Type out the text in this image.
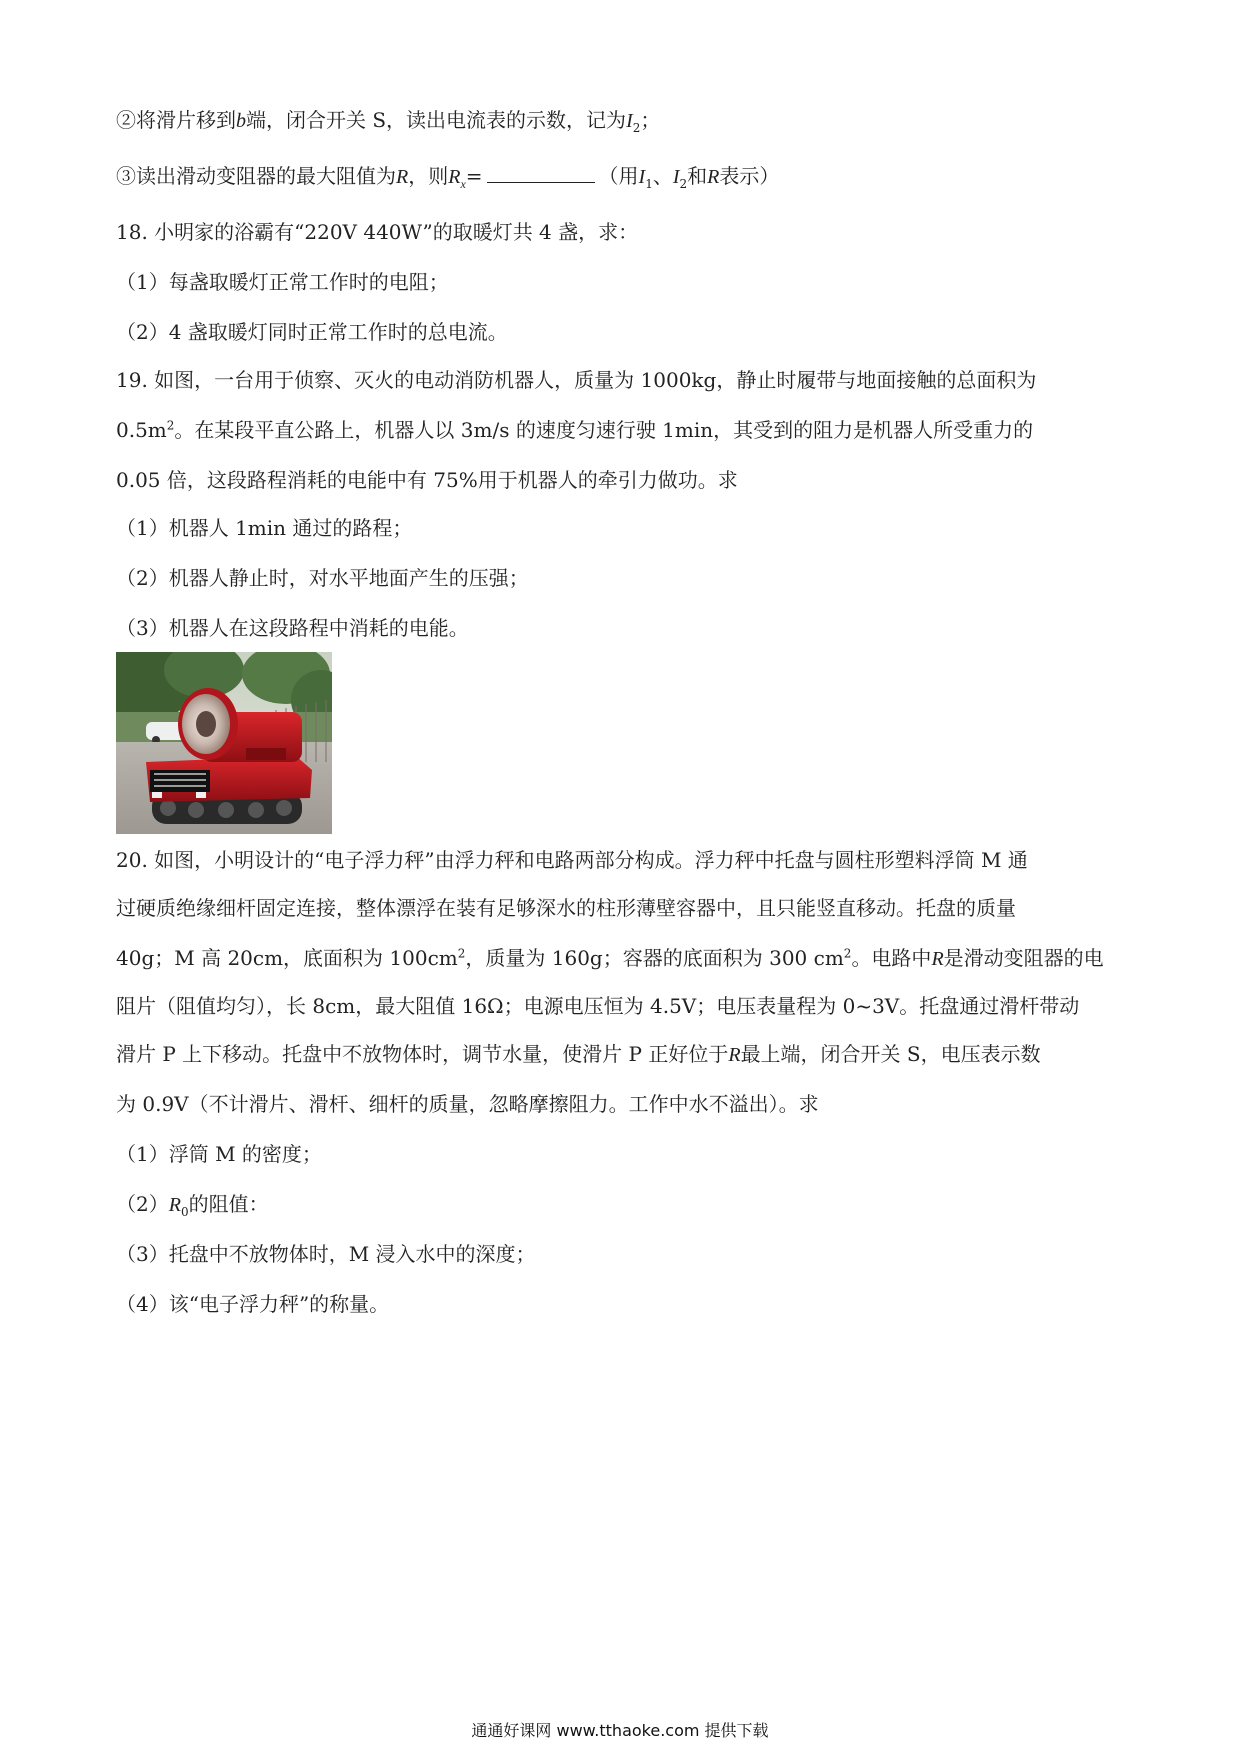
②将滑片移到b端，闭合开关 S，读出电流表的示数，记为$I_2$；
③读出滑动变阻器的最大阻值为R，则$R_x=$	（用$I_1$、$I_2$和R表示）
18. 小明家的浴霸有“220V 440W”的取暖灯共 4 盏，求：
（1）每盏取暖灯正常工作时的电阻；
（2）4 盏取暖灯同时正常工作时的总电流。
19. 如图，一台用于侦察、灭火的电动消防机器人，质量为 1000kg，静止时履带与地面接触的总面积为
$0.5m^2$。在某段平直公路上，机器人以 3m/s 的速度匀速行驶 1min，其受到的阻力是机器人所受重力的
0.05 倍，这段路程消耗的电能中有 75%用于机器人的牵引力做功。求
（1）机器人 1min 通过的路程；
（2）机器人静止时，对水平地面产生的压强；
（3）机器人在这段路程中消耗的电能。
20. 如图，小明设计的“电子浮力秤”由浮力秤和电路两部分构成。浮力秤中托盘与圆柱形塑料浮筒 M 通
过硬质绝缘细杆固定连接，整体漂浮在装有足够深水的柱形薄壁容器中，且只能竖直移动。托盘的质量
40g；M 高 20cm，底面积为 $100cm^2$，质量为 160g；容器的底面积为 300 $cm^2$。电路中R是滑动变阻器的电
阻片（阻值均匀），长 8cm，最大阻值 16Ω；电源电压恒为 4.5V；电压表量程为 0~3V。托盘通过滑杆带动
滑片 P 上下移动。托盘中不放物体时，调节水量，使滑片 P 正好位于R最上端，闭合开关 S，电压表示数
为 0.9V（不计滑片、滑杆、细杆的质量，忽略摩擦阻力。工作中水不溢出）。求
（1）浮筒 M 的密度；
$(2)R_0$的阻值：
（3）托盘中不放物体时，M 浸入水中的深度；
（4）该“电子浮力秤”的称量。
通通好课网 www.tthaoke.com 提供下载
